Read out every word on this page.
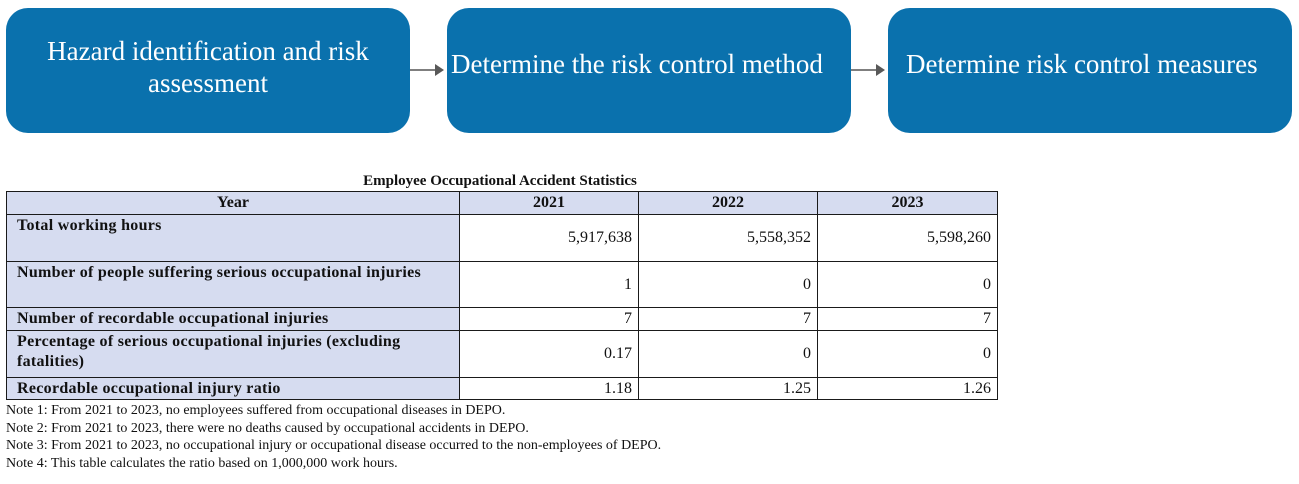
Hazard identification and risk assessment
Determine the risk control method	Determine risk control measures
Employee Occupational Accident Statistics
Year	2021	2022	2023
Total working hours	5,917,638	5,558,352	5,598,260
Number of people suffering serious occupational injuries	1	0	0
Number of recordable occupational injuries	7	7	7
Percentage of serious occupational injuries (excluding fatalities)	0.17	0	0
Recordable occupational injury ratio	1.18	1.25	1.26
Note 1: From 2021 to 2023, no employees suffered from occupational diseases in DEPO.
Note 2: From 2021 to 2023, there were no deaths caused by occupational accidents in DEPO.
Note 3: From 2021 to 2023, no occupational injury or occupational disease occurred to the non-employees of DEPO.
Note 4: This table calculates the ratio based on 1,000,000 work hours.
